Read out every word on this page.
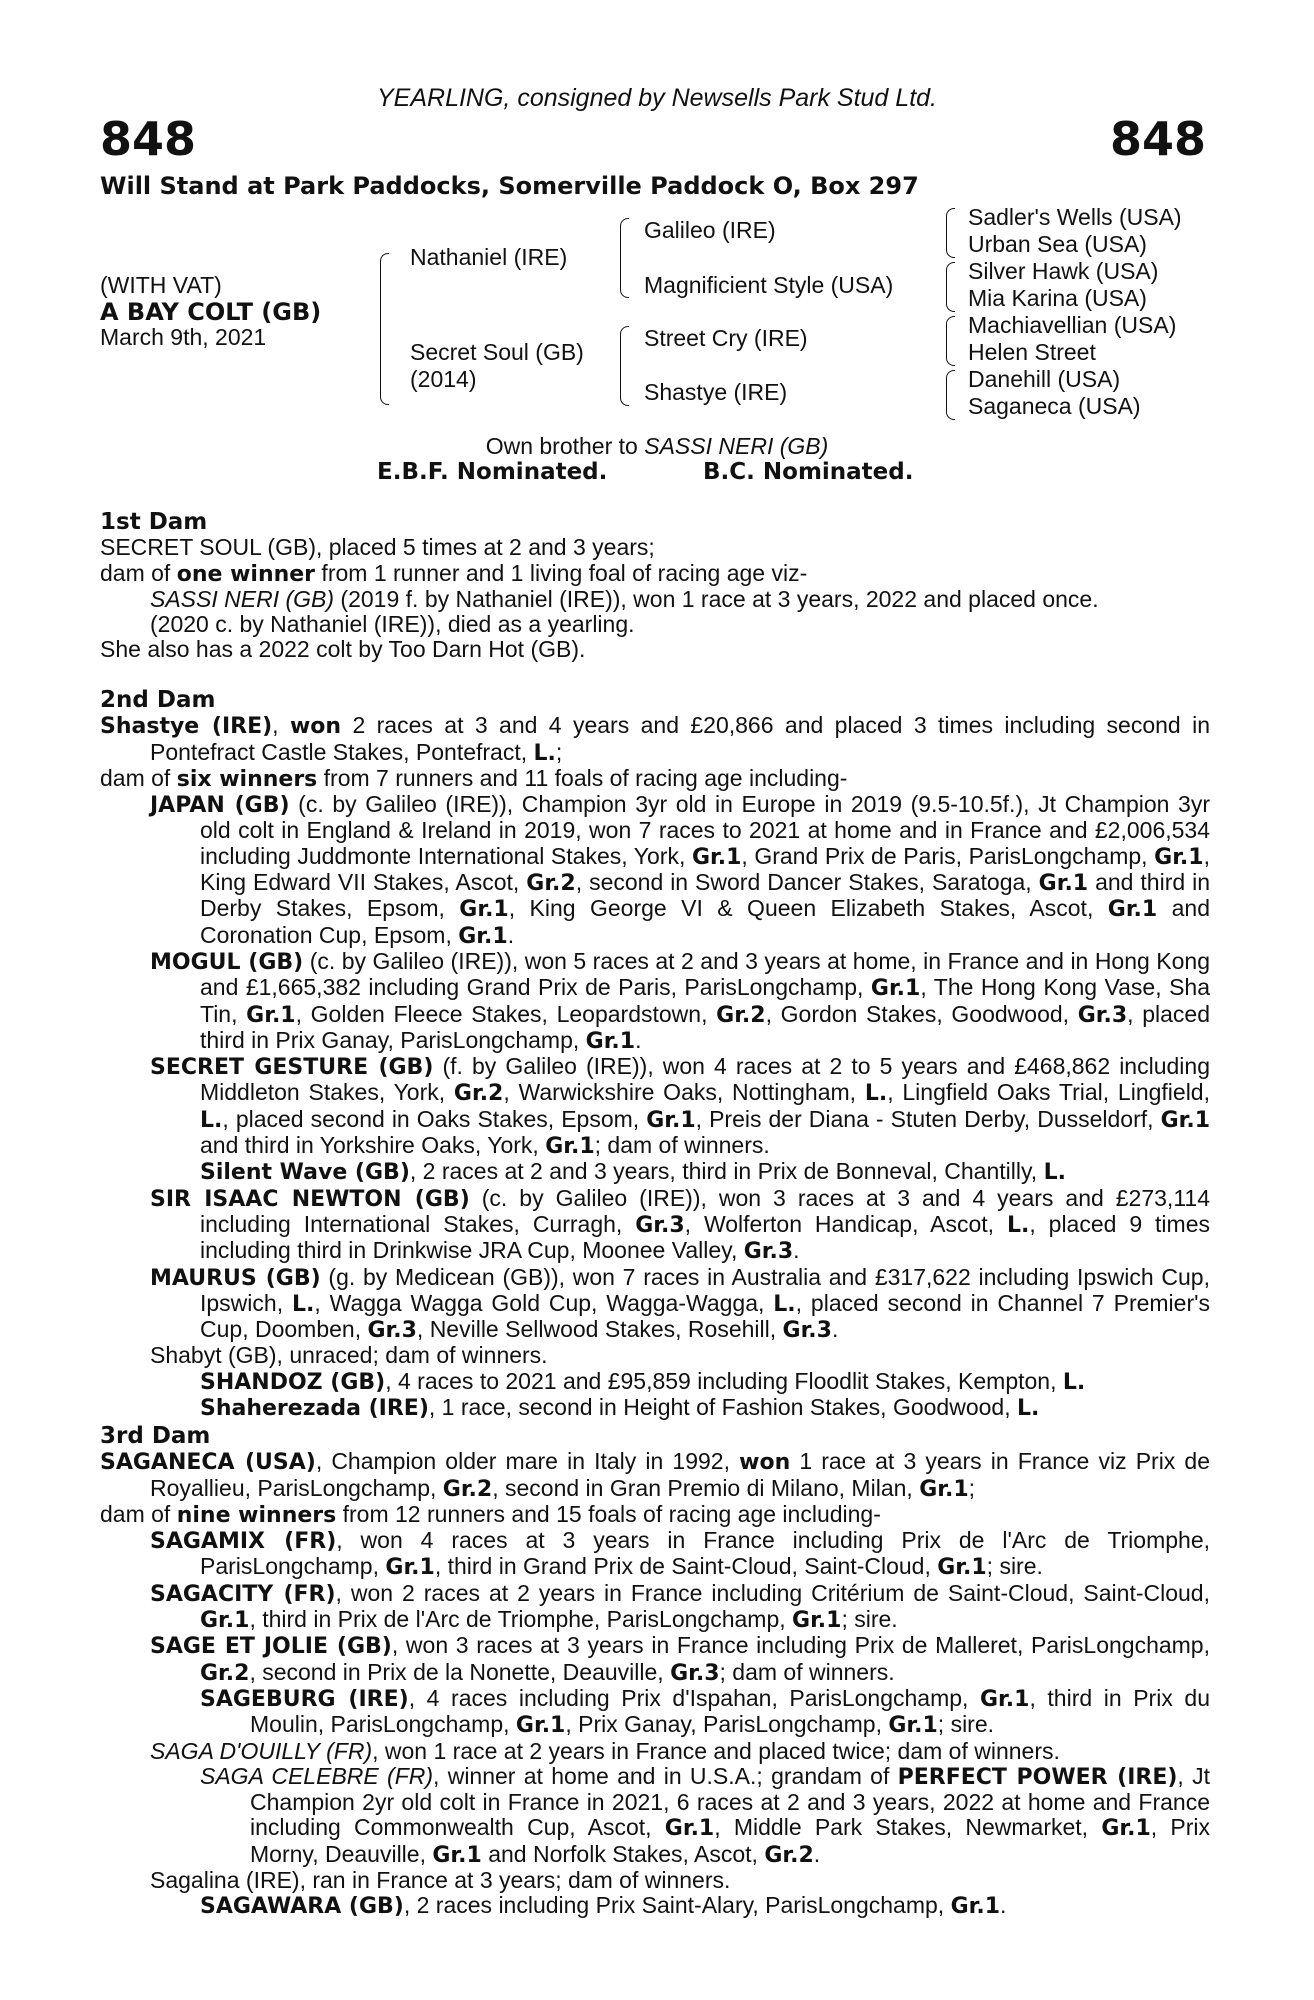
YEARLING, consigned by Newsells Park Stud Ltd.
848	848
Will Stand at Park Paddocks, Somerville Paddock O, Box 297
(WITH VAT)
A BAY COLT (GB)
March 9th, 2021
Nathaniel (IRE)
Secret Soul (GB)
(2014)
Galileo (IRE)
Magnificient Style (USA)
Street Cry (IRE)
Shastye (IRE)
Sadler's Wells (USA)
Urban Sea (USA)
Silver Hawk (USA)
Mia Karina (USA)
Machiavellian (USA)
Helen Street
Danehill (USA)
Saganeca (USA)
Own brother to SASSI NERI (GB)
E.B.F. Nominated.	B.C. Nominated.

1st Dam

SECRET SOUL (GB), placed 5 times at 2 and 3 years;

dam of one winner from 1 runner and 1 living foal of racing age viz-

SASSI NERI (GB) (2019 f. by Nathaniel (IRE)), won 1 race at 3 years, 2022 and placed once.

(2020 c. by Nathaniel (IRE)), died as a yearling.

She also has a 2022 colt by Too Darn Hot (GB).

2nd Dam

Shastye (IRE), won 2 races at 3 and 4 years and £20,866 and placed 3 times including second in Pontefract Castle Stakes, Pontefract, L.;

dam of six winners from 7 runners and 11 foals of racing age including-

JAPAN (GB) (c. by Galileo (IRE)), Champion 3yr old in Europe in 2019 (9.5-10.5f.), Jt Champion 3yr old colt in England & Ireland in 2019, won 7 races to 2021 at home and in France and £2,006,534 including Juddmonte International Stakes, York, Gr.1, Grand Prix de Paris, ParisLongchamp, Gr.1, King Edward VII Stakes, Ascot, Gr.2, second in Sword Dancer Stakes, Saratoga, Gr.1 and third in Derby Stakes, Epsom, Gr.1, King George VI & Queen Elizabeth Stakes, Ascot, Gr.1 and Coronation Cup, Epsom, Gr.1.

MOGUL (GB) (c. by Galileo (IRE)), won 5 races at 2 and 3 years at home, in France and in Hong Kong and £1,665,382 including Grand Prix de Paris, ParisLongchamp, Gr.1, The Hong Kong Vase, Sha Tin, Gr.1, Golden Fleece Stakes, Leopardstown, Gr.2, Gordon Stakes, Goodwood, Gr.3, placed third in Prix Ganay, ParisLongchamp, Gr.1.

SECRET GESTURE (GB) (f. by Galileo (IRE)), won 4 races at 2 to 5 years and £468,862 including Middleton Stakes, York, Gr.2, Warwickshire Oaks, Nottingham, L., Lingfield Oaks Trial, Lingfield, L., placed second in Oaks Stakes, Epsom, Gr.1, Preis der Diana - Stuten Derby, Dusseldorf, Gr.1 and third in Yorkshire Oaks, York, Gr.1; dam of winners.

Silent Wave (GB), 2 races at 2 and 3 years, third in Prix de Bonneval, Chantilly, L.

SIR ISAAC NEWTON (GB) (c. by Galileo (IRE)), won 3 races at 3 and 4 years and £273,114 including International Stakes, Curragh, Gr.3, Wolferton Handicap, Ascot, L., placed 9 times including third in Drinkwise JRA Cup, Moonee Valley, Gr.3.

MAURUS (GB) (g. by Medicean (GB)), won 7 races in Australia and £317,622 including Ipswich Cup, Ipswich, L., Wagga Wagga Gold Cup, Wagga-Wagga, L., placed second in Channel 7 Premier's Cup, Doomben, Gr.3, Neville Sellwood Stakes, Rosehill, Gr.3.

Shabyt (GB), unraced; dam of winners.

SHANDOZ (GB), 4 races to 2021 and £95,859 including Floodlit Stakes, Kempton, L.

Shaherezada (IRE), 1 race, second in Height of Fashion Stakes, Goodwood, L.

3rd Dam

SAGANECA (USA), Champion older mare in Italy in 1992, won 1 race at 3 years in France viz Prix de Royallieu, ParisLongchamp, Gr.2, second in Gran Premio di Milano, Milan, Gr.1;

dam of nine winners from 12 runners and 15 foals of racing age including-

SAGAMIX (FR), won 4 races at 3 years in France including Prix de l'Arc de Triomphe, ParisLongchamp, Gr.1, third in Grand Prix de Saint-Cloud, Saint-Cloud, Gr.1; sire.

SAGACITY (FR), won 2 races at 2 years in France including Critérium de Saint-Cloud, Saint-Cloud, Gr.1, third in Prix de l'Arc de Triomphe, ParisLongchamp, Gr.1; sire.

SAGE ET JOLIE (GB), won 3 races at 3 years in France including Prix de Malleret, ParisLongchamp, Gr.2, second in Prix de la Nonette, Deauville, Gr.3; dam of winners.

SAGEBURG (IRE), 4 races including Prix d'Ispahan, ParisLongchamp, Gr.1, third in Prix du Moulin, ParisLongchamp, Gr.1, Prix Ganay, ParisLongchamp, Gr.1; sire.

SAGA D'OUILLY (FR), won 1 race at 2 years in France and placed twice; dam of winners.

SAGA CELEBRE (FR), winner at home and in U.S.A.; grandam of PERFECT POWER (IRE), Jt Champion 2yr old colt in France in 2021, 6 races at 2 and 3 years, 2022 at home and France including Commonwealth Cup, Ascot, Gr.1, Middle Park Stakes, Newmarket, Gr.1, Prix Morny, Deauville, Gr.1 and Norfolk Stakes, Ascot, Gr.2.

Sagalina (IRE), ran in France at 3 years; dam of winners.

SAGAWARA (GB), 2 races including Prix Saint-Alary, ParisLongchamp, Gr.1.
